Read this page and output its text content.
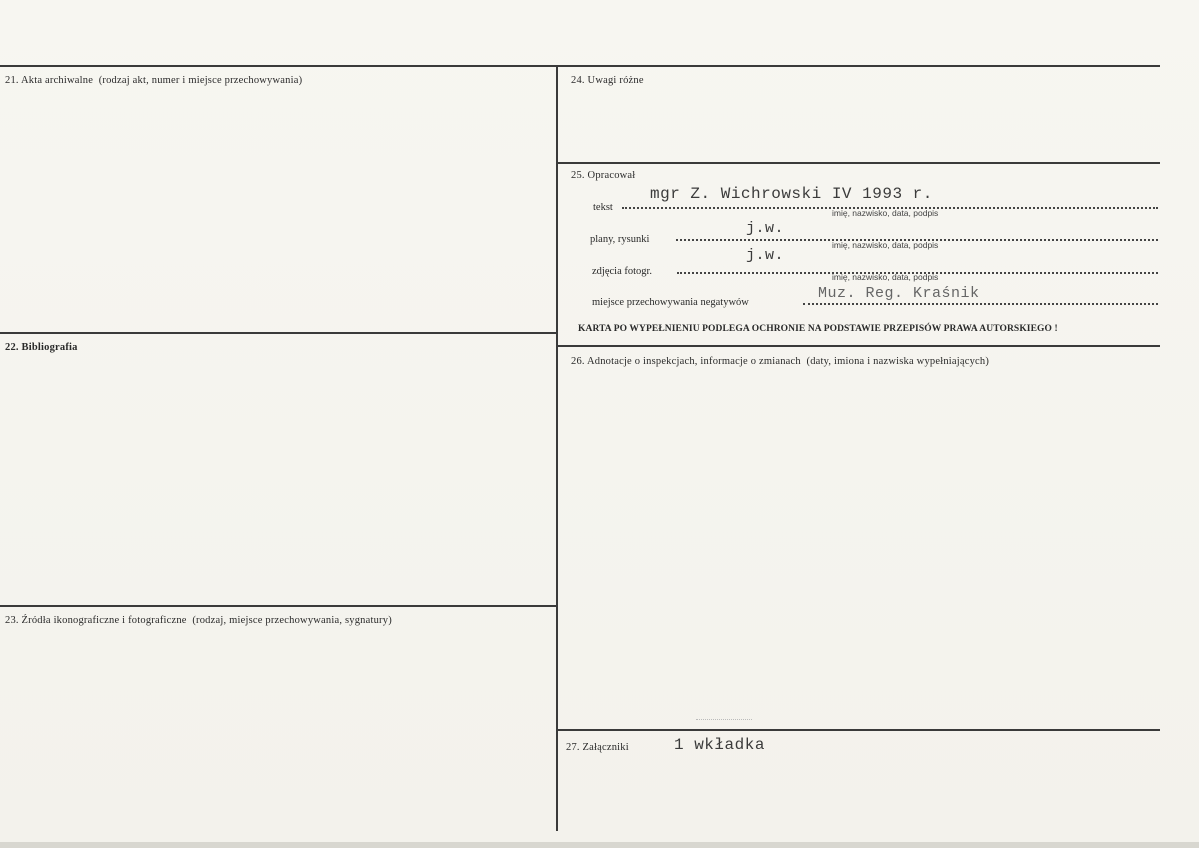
21. Akta archiwalne (rodzaj akt, numer i miejsce przechowywania)
22. Bibliografia
23. Źródła ikonograficzne i fotograficzne (rodzaj, miejsce przechowywania, sygnatury)
24. Uwagi różne
25. Opracował
tekst
mgr Z. Wichrowski IV 1993 r.
imię, nazwisko, data, podpis
plany, rysunki
j.w.
imię, nazwisko, data, podpis
zdjęcia fotogr.
j.w.
imię, nazwisko, data, podpis
miejsce przechowywania negatywów
Muz. Reg. Kraśnik
KARTA PO WYPEŁNIENIU PODLEGA OCHRONIE NA PODSTAWIE PRZEPISÓW PRAWA AUTORSKIEGO !
26. Adnotacje o inspekcjach, informacje o zmianach (daty, imiona i nazwiska wypełniających)
27. Załączniki	1 wkładka
